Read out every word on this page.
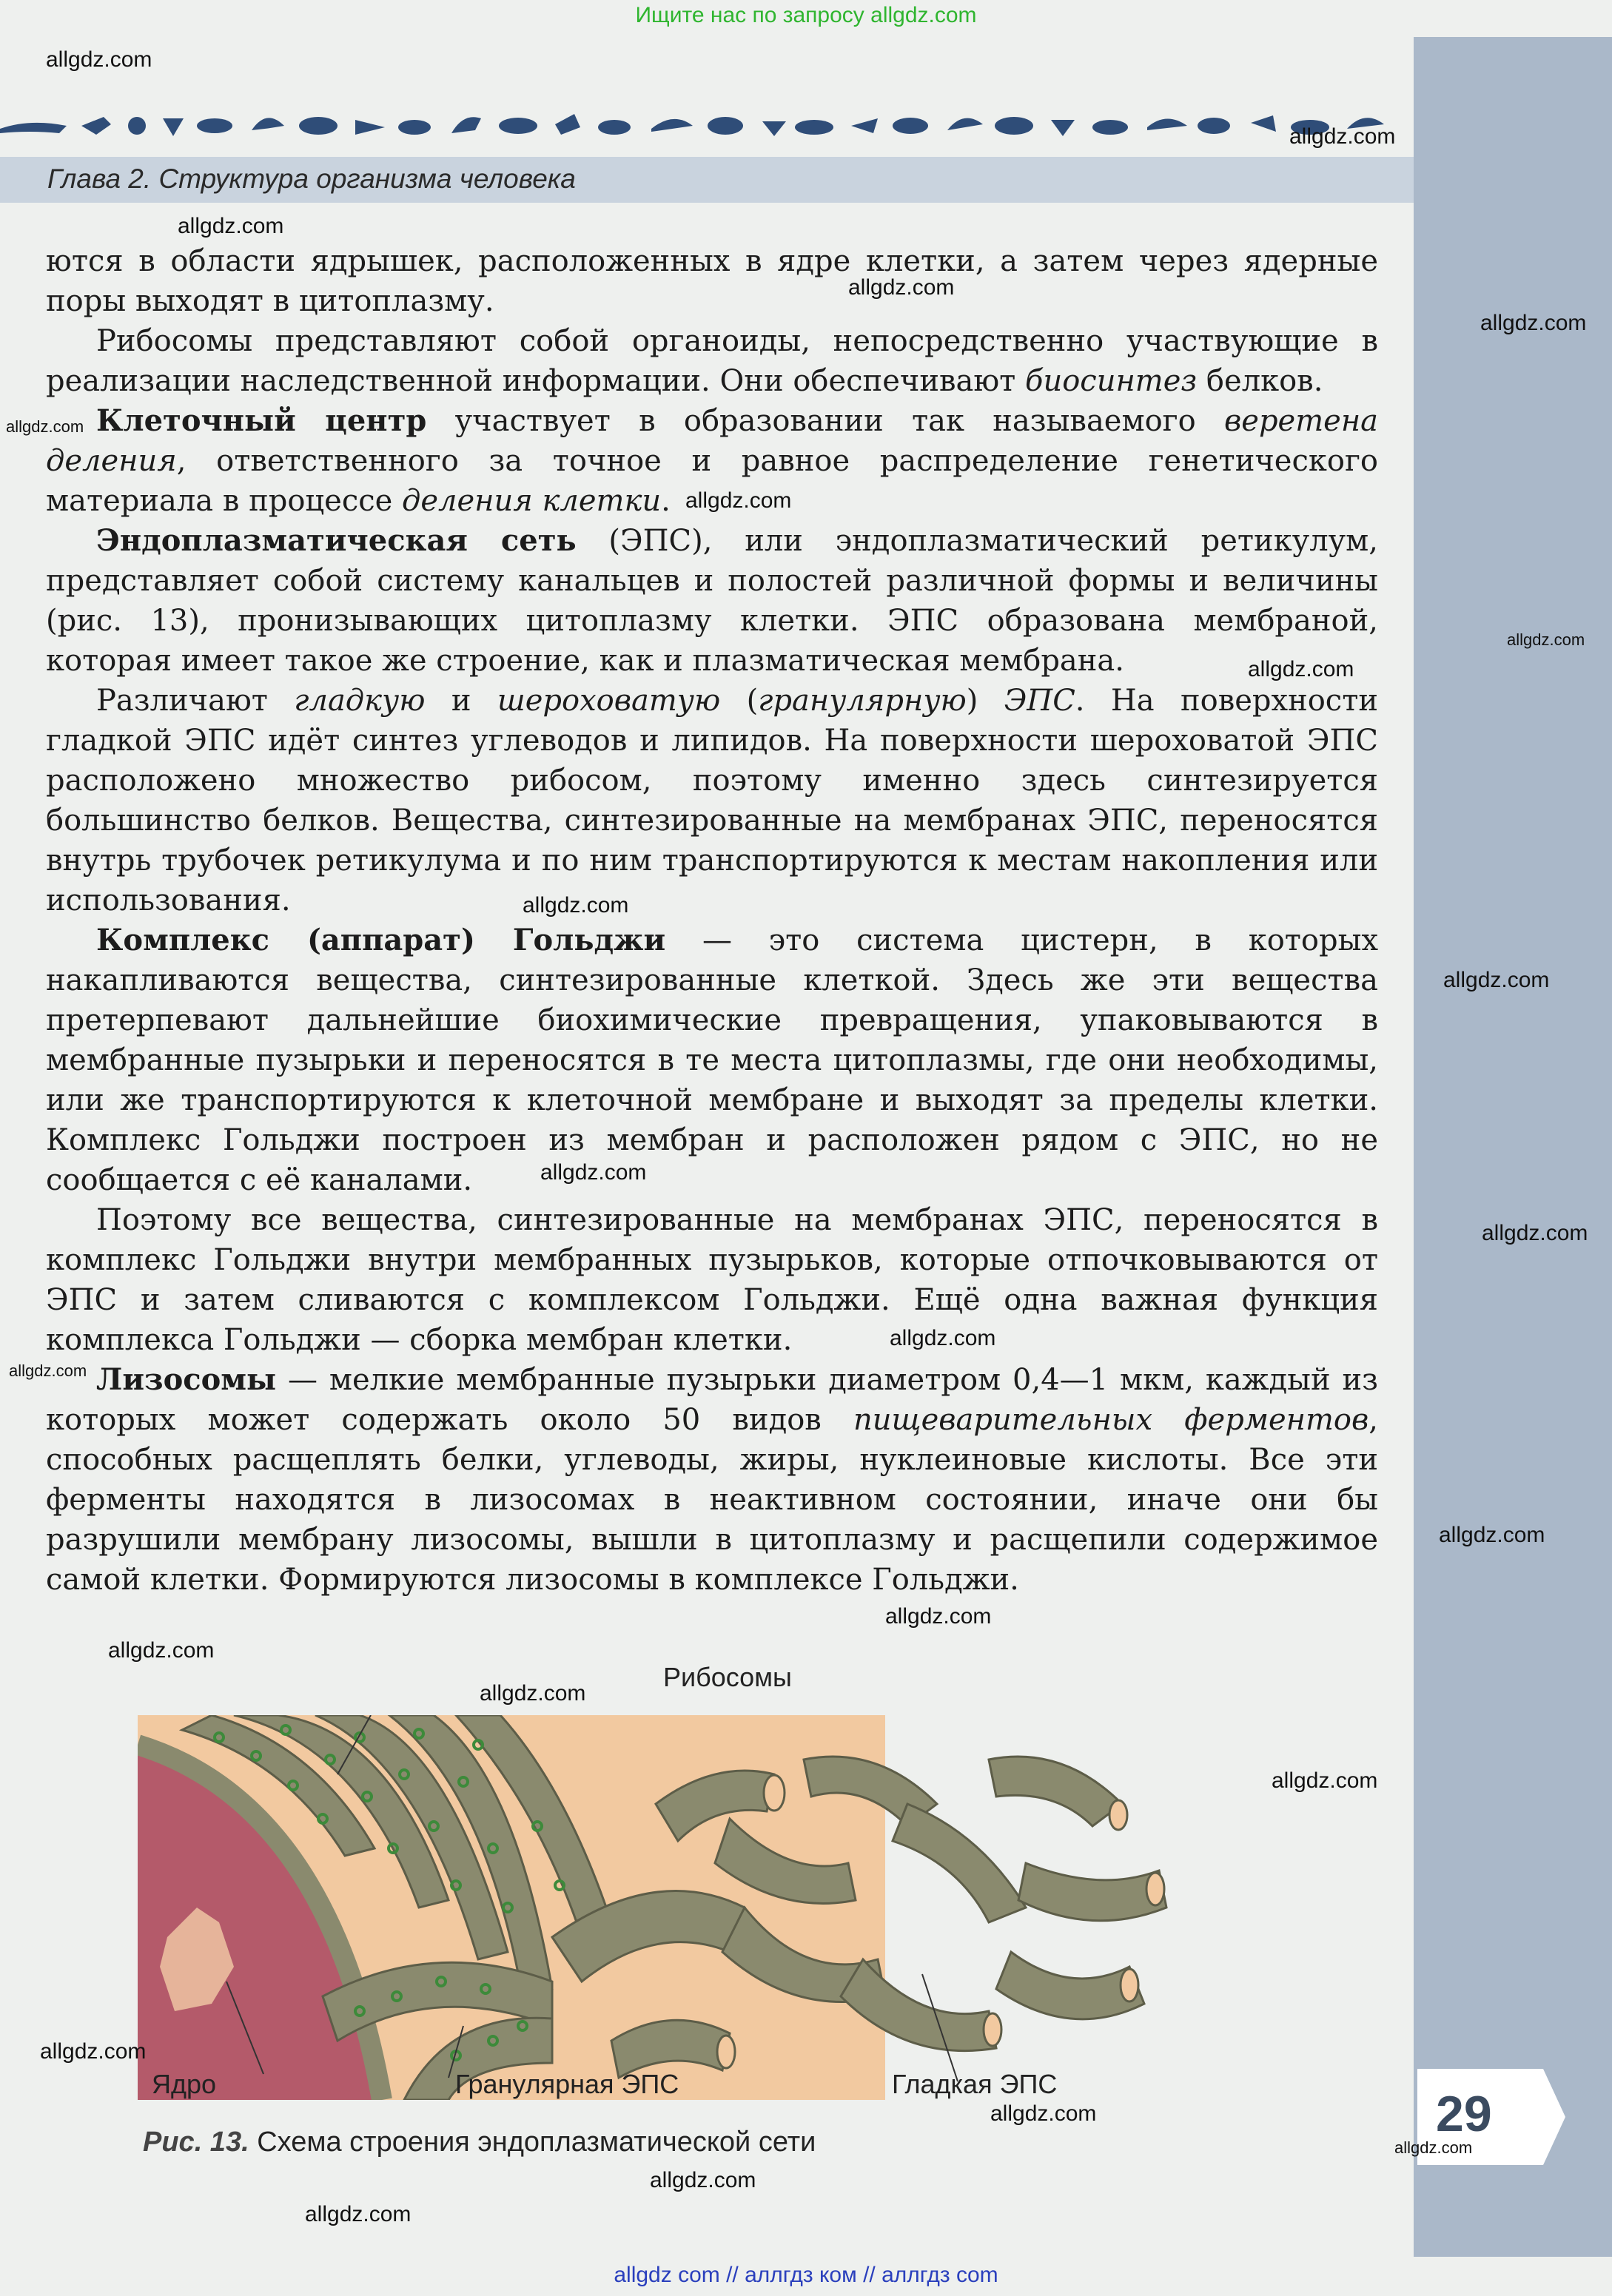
Ищите нас по запросу allgdz.com
Глава 2. Структура организма человека

ются в области ядрышек, расположенных в ядре клетки, а затем через ядерные поры выходят в цитоплазму.

Рибосомы представляют собой органоиды, непосредственно участвующие в реализации наследственной информации. Они обеспечивают биосинтез белков.

Клеточный центр участвует в образовании так называемого веретена деления, ответственного за точное и равное распределение генетического материала в процессе деления клетки.

Эндоплазматическая сеть (ЭПС), или эндоплазматический ретикулум, представляет собой систему канальцев и полостей различной формы и величины (рис. 13), пронизывающих цитоплазму клетки. ЭПС образована мембраной, которая имеет такое же строение, как и плазматическая мембрана.

Различают гладкую и шероховатую (гранулярную) ЭПС. На поверхности гладкой ЭПС идёт синтез углеводов и липидов. На поверхности шероховатой ЭПС расположено множество рибосом, поэтому именно здесь синтезируется большинство белков. Вещества, синтезированные на мембранах ЭПС, переносятся внутрь трубочек ретикулума и по ним транспортируются к местам накопления или использования.

Комплекс (аппарат) Гольджи — это система цистерн, в которых накапливаются вещества, синтезированные клеткой. Здесь же эти вещества претерпевают дальнейшие биохимические превращения, упаковываются в мембранные пузырьки и переносятся в те места цитоплазмы, где они необходимы, или же транспортируются к клеточной мембране и выходят за пределы клетки. Комплекс Гольджи построен из мембран и расположен рядом с ЭПС, но не сообщается с её каналами.

Поэтому все вещества, синтезированные на мембранах ЭПС, переносятся в комплекс Гольджи внутри мембранных пузырьков, которые отпочковываются от ЭПС и затем сливаются с комплексом Гольджи. Ещё одна важная функция комплекса Гольджи — сборка мембран клетки.

Лизосомы — мелкие мембранные пузырьки диаметром 0,4—1 мкм, каждый из которых может содержать около 50 видов пищеварительных ферментов, способных расщеплять белки, углеводы, жиры, нуклеиновые кислоты. Все эти ферменты находятся в лизосомах в неактивном состоянии, иначе они бы разрушили мембрану лизосомы, вышли в цитоплазму и расщепили содержимое самой клетки. Формируются лизосомы в комплексе Гольджи.

Рибосомы
Ядро	Гранулярная ЭПС	Гладкая ЭПС
Рис. 13. Схема строения эндоплазматической сети	29
allgdz.com
allgdz.com
allgdz.com
allgdz.com
allgdz.com
allgdz.com
allgdz.com
allgdz.com
allgdz.com
allgdz.com
allgdz.com
allgdz.com
allgdz.com
allgdz.com
allgdz.com
allgdz.com
allgdz.com
allgdz.com
allgdz.com
allgdz.com
allgdz.com
allgdz.com
allgdz.com
allgdz.com
allgdz.com
allgdz com // аллгдз ком // аллгдз com
